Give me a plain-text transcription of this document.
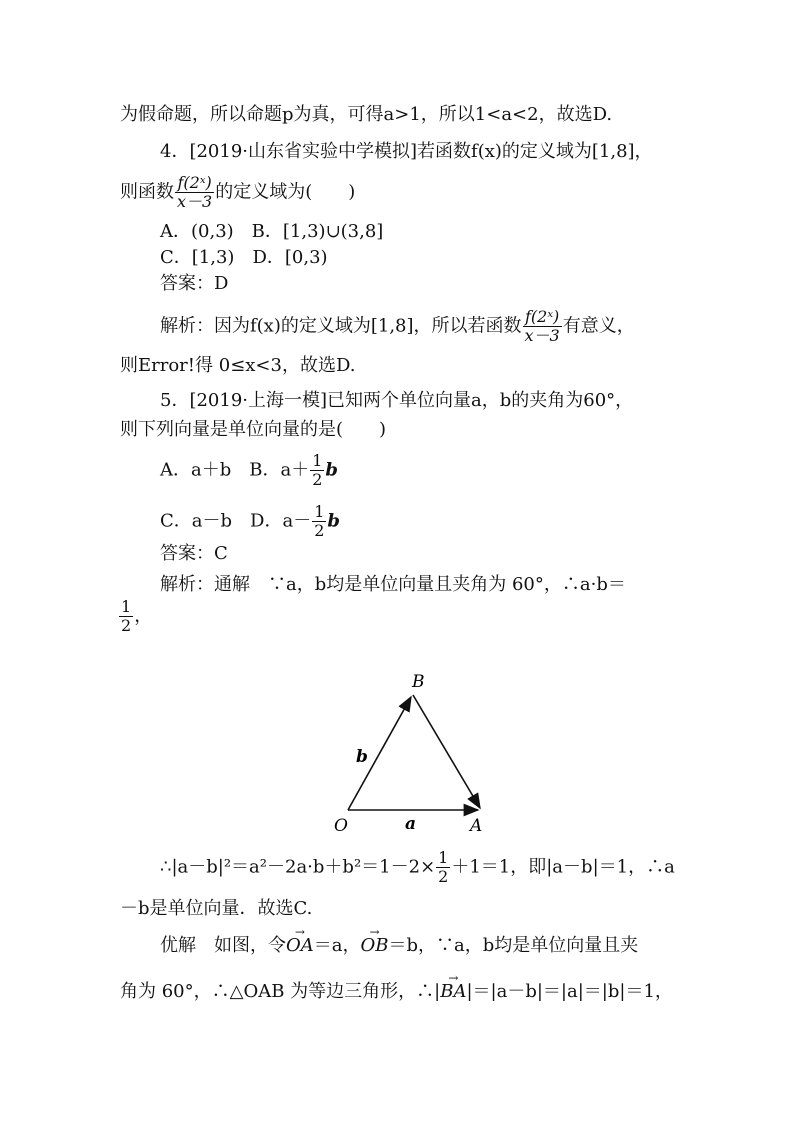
为假命题，所以命题p为真，可得a>1，所以1<a<2，故选D.
4．[2019·山东省实验中学模拟]若函数f(x)的定义域为[1,8]，
则函数 $\frac{\text{f(2ˣ)}}{x-3}$ 的定义域为(　　)
A．(0,3)　B．[1,3)∪(3,8]
C．[1,3)　D．[0,3)
答案：D
解析：因为f(x)的定义域为[1,8]，所以若函数 $\frac{\text{f(2ˣ)}}{x-3}$ 有意义，
则Error!得 0≤x<3，故选D.
5．[2019·上海一模]已知两个单位向量a，b的夹角为60°，
则下列向量是单位向量的是(　　)
A．a＋b　B．$a+ \frac{1}{2}$ b
C．a－b　D．$a- \frac{1}{2}$ b
答案：C
解析：通解　∵a，b均是单位向量且夹角为 60°，∴a·b＝
$\frac{1}{2}$ ，
B
O	A
a
b
∴|a－b|²＝a²－2a·b＋b²＝1－2× $\frac{1}{2} +1=1$，即|a－b|＝1，∴a
－b是单位向量．故选C.
优解　如图，令→ OA＝a，→ OB＝b，∵a，b均是单位向量且夹
角为 60°，∴△OAB 为等边三角形，∴|→ BA|＝|a－b|＝|a|＝|b|＝1，
